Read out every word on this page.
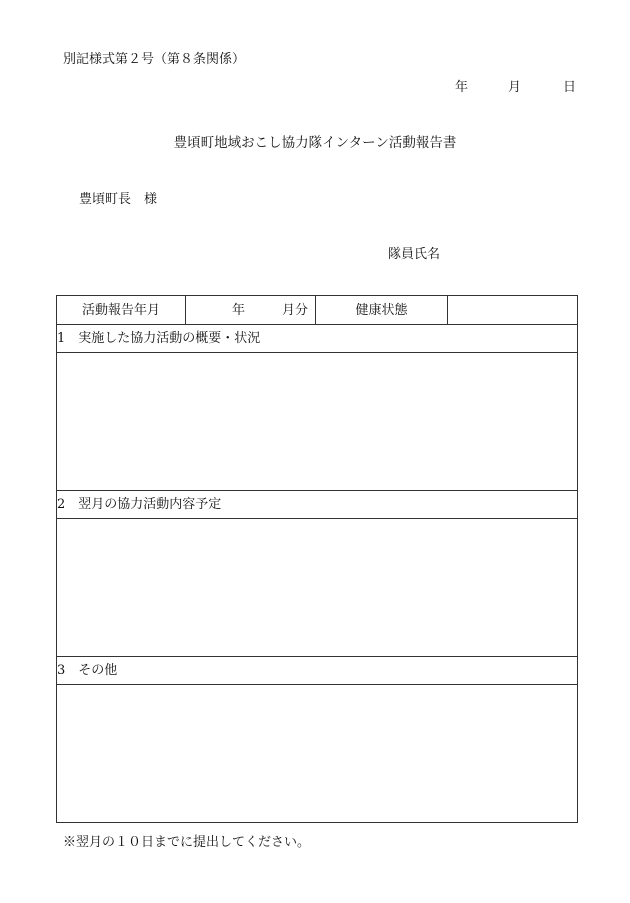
別記様式第２号（第８条関係）
年	月	日
豊頃町地域おこし協力隊インターン活動報告書
豊頃町長　様
隊員氏名
活動報告年月	年	月分	健康状態	
1　実施した協力活動の概要・状況

2　翌月の協力活動内容予定

3　その他

※翌月の１０日までに提出してください。
